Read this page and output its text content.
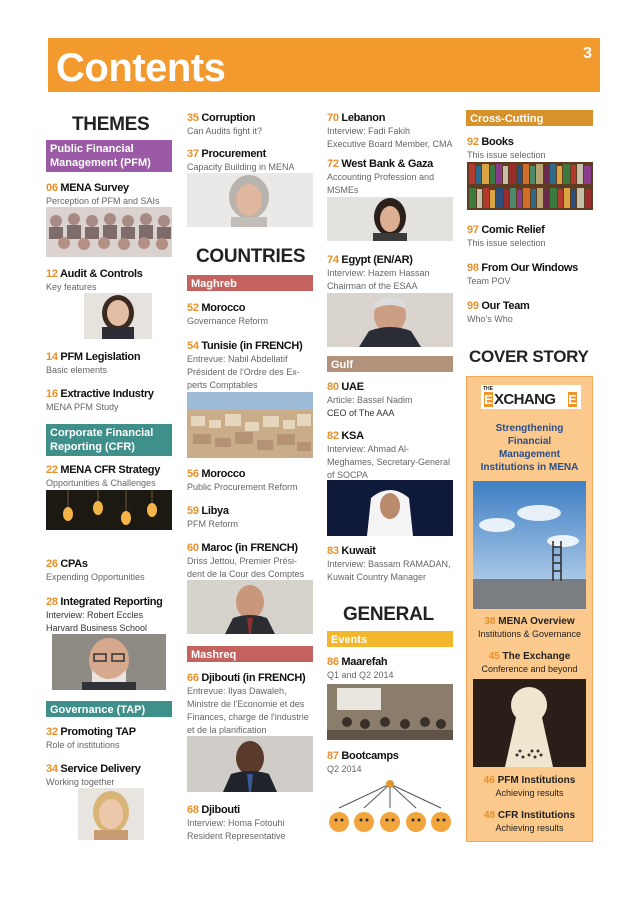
Contents	3
THEMES
Public Financial Management (PFM)
06 MENA Survey
Perception of PFM and SAIs
12 Audit & Controls
Key features
14 PFM Legislation
Basic elements
16 Extractive Industry
MENA PFM Study
Corporate Financial Reporting (CFR)
22 MENA CFR Strategy
Opportunities & Challenges
26 CPAs
Expending Opportunities
28 Integrated Reporting
Interview: Robert Eccles
Harvard Business School
Governance (TAP)
32 Promoting TAP
Role of institutions
34 Service Delivery
Working together
35 Corruption
Can Audits fight it?
37 Procurement
Capacity Building in MENA
COUNTRIES
Maghreb
52 Morocco
Governance Reform
54 Tunisie (in FRENCH)
Entrevue: Nabil Abdellatif
Président de l'Ordre des Ex-
perts Comptables
56 Morocco
Public Procurement Reform
59 Libya
PFM Reform
60 Maroc (in FRENCH)
Driss Jettou, Premier Prési-
dent de la Cour des Comptes
Mashreq
66 Djibouti (in FRENCH)
Entrevue: Ilyas Dawaleh,
Ministre de l'Economie et des
Finances, charge de l'industrie
et de la planification
68 Djibouti
Interview: Homa Fotouhi
Resident Representative
70 Lebanon
Interview: Fadi Fakih
Executive Board Member, CMA
72 West Bank & Gaza
Accounting Profession and
MSMEs
74 Egypt (EN/AR)
Interview: Hazem Hassan
Chairman of the ESAA
Gulf
80 UAE
Article: Bassel Nadim
CEO of The AAA
82 KSA
Interview: Ahmad Al-
Meghames, Secretary-General
of SOCPA
83 Kuwait
Interview: Bassam RAMADAN,
Kuwait Country Manager
GENERAL
Events
86 Maarefah
Q1 and Q2 2014
87 Bootcamps
Q2 2014
Cross-Cutting
92 Books
This issue selection
97 Comic Relief
This issue selection
98 From Our Windows
Team POV
99 Our Team
Who's Who
COVER STORY
THE
E XCHANG E
Strengthening
Financial
Management
Institutions in MENA
38 MENA Overview
Institutions & Governance
45 The Exchange
Conference and beyond
46 PFM Institutions
Achieving results
48 CFR Institutions
Achieving results
